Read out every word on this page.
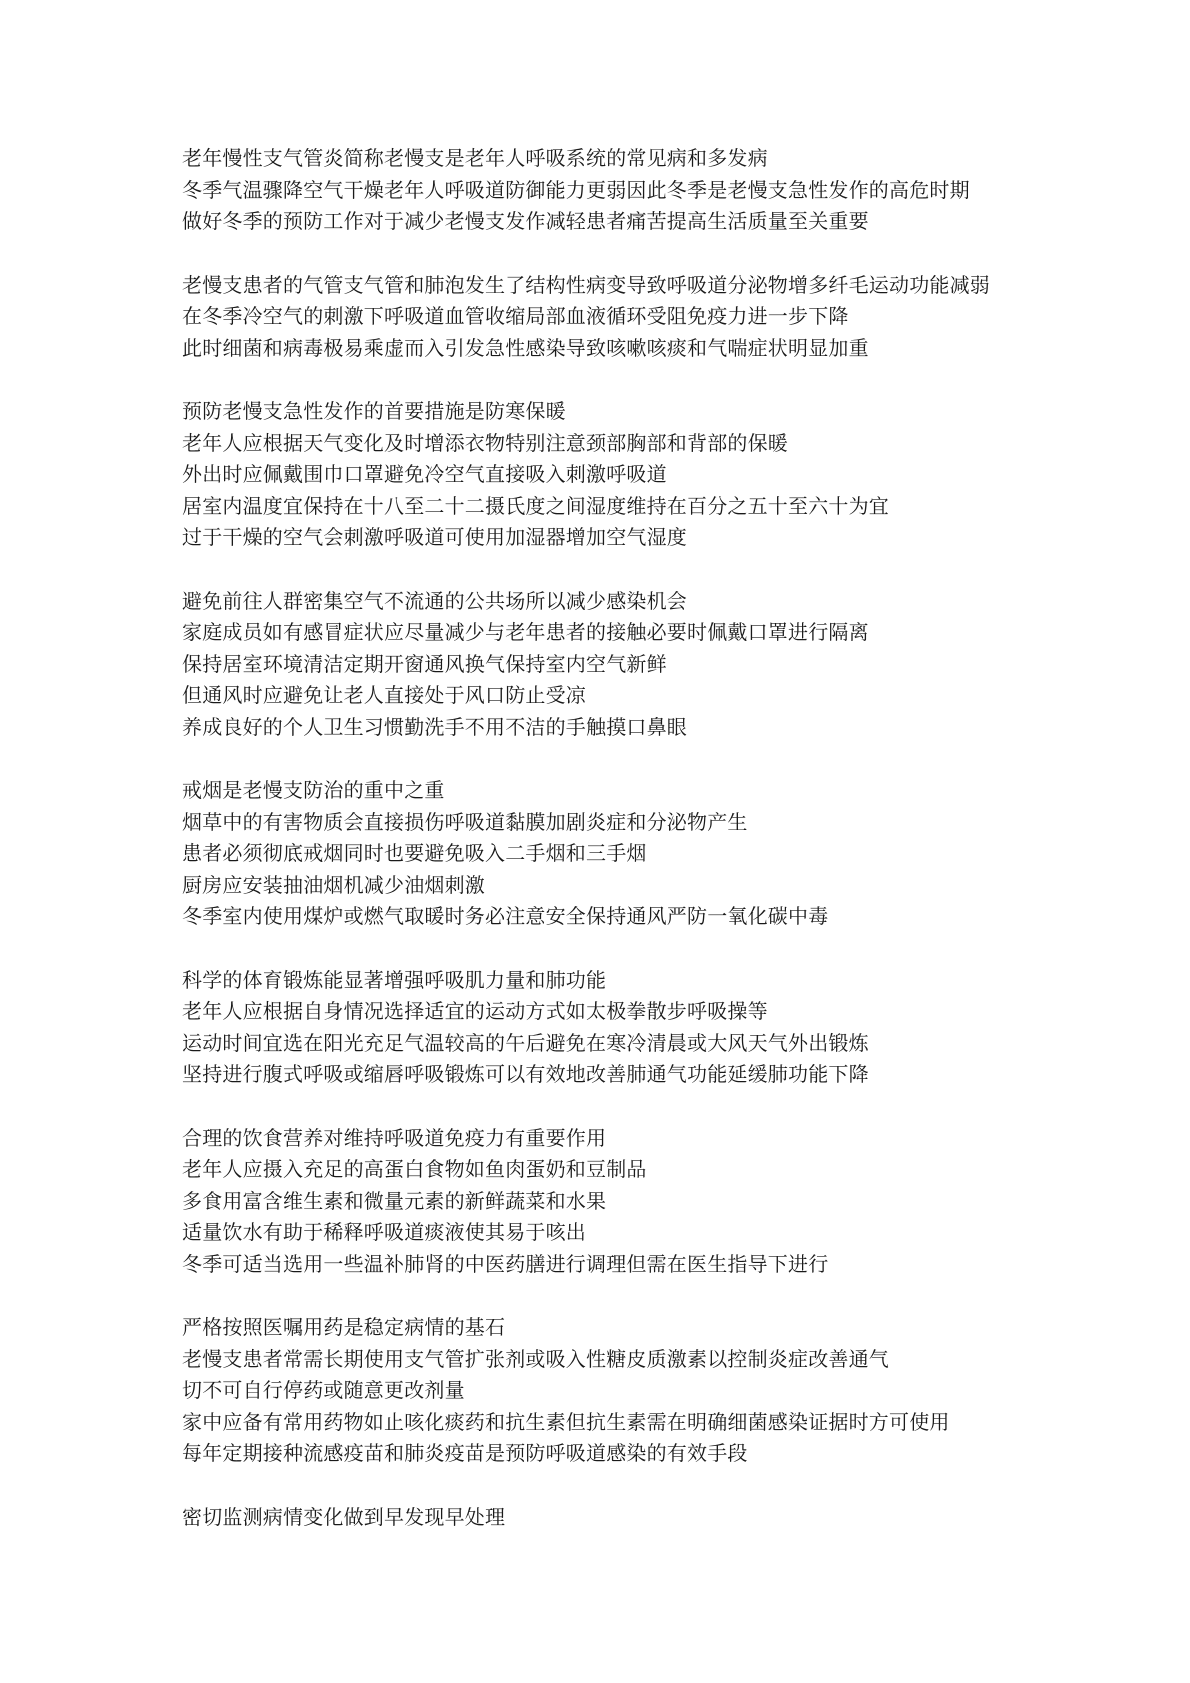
老年慢性支气管炎简称老慢支是老年人呼吸系统的常见病和多发病
冬季气温骤降空气干燥老年人呼吸道防御能力更弱因此冬季是老慢支急性发作的高危时期
做好冬季的预防工作对于减少老慢支发作减轻患者痛苦提高生活质量至关重要
老慢支患者的气管支气管和肺泡发生了结构性病变导致呼吸道分泌物增多纤毛运动功能减弱
在冬季冷空气的刺激下呼吸道血管收缩局部血液循环受阻免疫力进一步下降
此时细菌和病毒极易乘虚而入引发急性感染导致咳嗽咳痰和气喘症状明显加重
预防老慢支急性发作的首要措施是防寒保暖
老年人应根据天气变化及时增添衣物特别注意颈部胸部和背部的保暖
外出时应佩戴围巾口罩避免冷空气直接吸入刺激呼吸道
居室内温度宜保持在十八至二十二摄氏度之间湿度维持在百分之五十至六十为宜
过于干燥的空气会刺激呼吸道可使用加湿器增加空气湿度
避免前往人群密集空气不流通的公共场所以减少感染机会
家庭成员如有感冒症状应尽量减少与老年患者的接触必要时佩戴口罩进行隔离
保持居室环境清洁定期开窗通风换气保持室内空气新鲜
但通风时应避免让老人直接处于风口防止受凉
养成良好的个人卫生习惯勤洗手不用不洁的手触摸口鼻眼
戒烟是老慢支防治的重中之重
烟草中的有害物质会直接损伤呼吸道黏膜加剧炎症和分泌物产生
患者必须彻底戒烟同时也要避免吸入二手烟和三手烟
厨房应安装抽油烟机减少油烟刺激
冬季室内使用煤炉或燃气取暖时务必注意安全保持通风严防一氧化碳中毒
科学的体育锻炼能显著增强呼吸肌力量和肺功能
老年人应根据自身情况选择适宜的运动方式如太极拳散步呼吸操等
运动时间宜选在阳光充足气温较高的午后避免在寒冷清晨或大风天气外出锻炼
坚持进行腹式呼吸或缩唇呼吸锻炼可以有效地改善肺通气功能延缓肺功能下降
合理的饮食营养对维持呼吸道免疫力有重要作用
老年人应摄入充足的高蛋白食物如鱼肉蛋奶和豆制品
多食用富含维生素和微量元素的新鲜蔬菜和水果
适量饮水有助于稀释呼吸道痰液使其易于咳出
冬季可适当选用一些温补肺肾的中医药膳进行调理但需在医生指导下进行
严格按照医嘱用药是稳定病情的基石
老慢支患者常需长期使用支气管扩张剂或吸入性糖皮质激素以控制炎症改善通气
切不可自行停药或随意更改剂量
家中应备有常用药物如止咳化痰药和抗生素但抗生素需在明确细菌感染证据时方可使用
每年定期接种流感疫苗和肺炎疫苗是预防呼吸道感染的有效手段
密切监测病情变化做到早发现早处理
